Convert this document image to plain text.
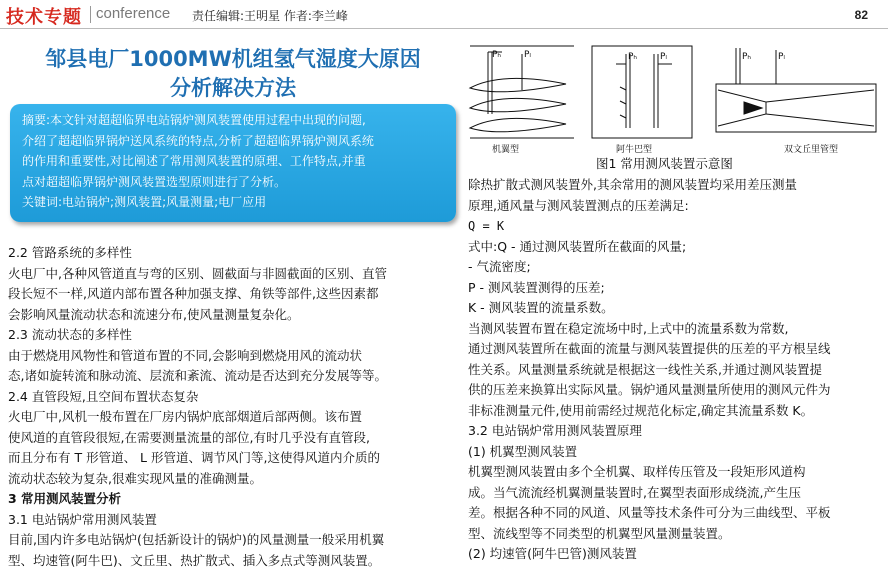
技术专题 conference 责任编辑:王明星 作者:李兰峰	82
邹县电厂1000MW机组氢气湿度大原因
分析解决方法
摘要:本文针对超超临界电站锅炉测风装置使用过程中出现的问题,
介绍了超超临界锅炉送风系统的特点,分析了超超临界锅炉测风系统
的作用和重要性,对比阐述了常用测风装置的原理、工作特点,并重
点对超超临界锅炉测风装置选型原则进行了分析。
关键词:电站锅炉;测风装置;风量测量;电厂应用
2.2 管路系统的多样性
火电厂中,各种风管道直与弯的区别、圆截面与非圆截面的区别、直管
段长短不一样,风道内部布置各种加强支撑、角铁等部件,这些因素都
会影响风量流动状态和流速分布,使风量测量复杂化。
2.3 流动状态的多样性
由于燃烧用风物性和管道布置的不同,会影响到燃烧用风的流动状
态,诸如旋转流和脉动流、层流和紊流、流动是否达到充分发展等等。
2.4 直管段短,且空间布置状态复杂
火电厂中,风机一般布置在厂房内锅炉底部烟道后部两侧。该布置
使风道的直管段很短,在需要测量流量的部位,有时几乎没有直管段,
而且分布有 T 形管道、 L 形管道、调节风门等,这使得风道内介质的
流动状态较为复杂,很难实现风量的准确测量。
3 常用测风装置分析
3.1 电站锅炉常用测风装置
目前,国内许多电站锅炉(包括新设计的锅炉)的风量测量一般采用机翼
型、均速管(阿牛巴)、文丘里、热扩散式、插入多点式等测风装置。
Pₕ	Pₗ	Pₕ	Pₗ	Pₕ	Pₗ
机翼型	阿牛巴型	双文丘里管型
图1 常用测风装置示意图
除热扩散式测风装置外,其余常用的测风装置均采用差压测量
原理,通风量与测风装置测点的压差满足:
Q = K
式中:Q - 通过测风装置所在截面的风量;
- 气流密度;
P - 测风装置测得的压差;
K - 测风装置的流量系数。
当测风装置布置在稳定流场中时,上式中的流量系数为常数,
通过测风装置所在截面的流量与测风装置提供的压差的平方根呈线
性关系。风量测量系统就是根据这一线性关系,并通过测风装置提
供的压差来换算出实际风量。锅炉通风量测量所使用的测风元件为
非标准测量元件,使用前需经过规范化标定,确定其流量系数 K。
3.2 电站锅炉常用测风装置原理
(1) 机翼型测风装置
机翼型测风装置由多个全机翼、取样传压管及一段矩形风道构
成。当气流流经机翼测量装置时,在翼型表面形成绕流,产生压
差。根据各种不同的风道、风量等技术条件可分为三曲线型、平板
型、流线型等不同类型的机翼型风量测量装置。
(2) 均速管(阿牛巴管)测风装置
